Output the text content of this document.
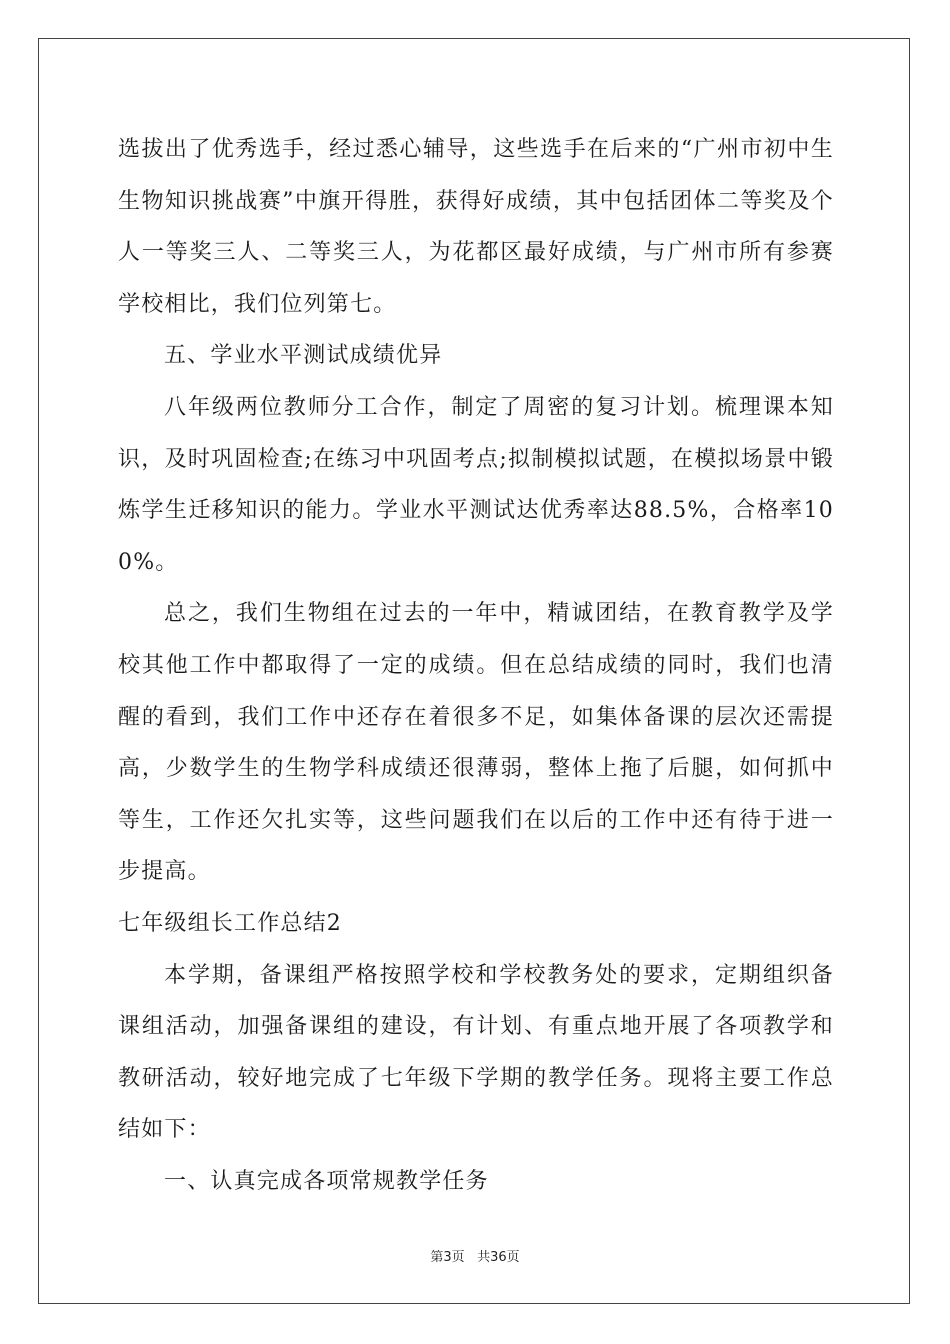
选拔出了优秀选手，经过悉心辅导，这些选手在后来的“广州市初中生生物知识挑战赛”中旗开得胜，获得好成绩，其中包括团体二等奖及个人一等奖三人、二等奖三人，为花都区最好成绩，与广州市所有参赛学校相比，我们位列第七。

五、学业水平测试成绩优异

八年级两位教师分工合作，制定了周密的复习计划。梳理课本知识，及时巩固检查;在练习中巩固考点;拟制模拟试题，在模拟场景中锻炼学生迁移知识的能力。学业水平测试达优秀率达88.5%，合格率100%。

总之，我们生物组在过去的一年中，精诚团结，在教育教学及学校其他工作中都取得了一定的成绩。但在总结成绩的同时，我们也清醒的看到，我们工作中还存在着很多不足，如集体备课的层次还需提高，少数学生的生物学科成绩还很薄弱，整体上拖了后腿，如何抓中等生，工作还欠扎实等，这些问题我们在以后的工作中还有待于进一步提高。

七年级组长工作总结2

本学期，备课组严格按照学校和学校教务处的要求，定期组织备课组活动，加强备课组的建设，有计划、有重点地开展了各项教学和教研活动，较好地完成了七年级下学期的教学任务。现将主要工作总结如下：

一、认真完成各项常规教学任务

第3页 共36页
